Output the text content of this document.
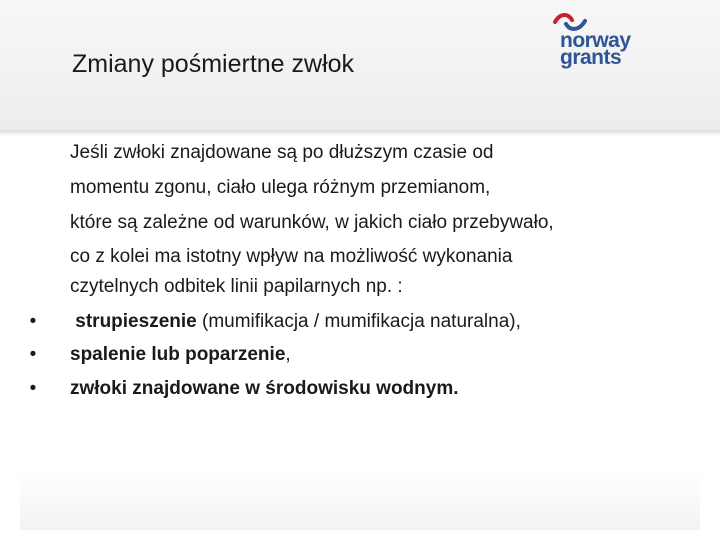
Zmiany pośmiertne zwłok
norway
grants
Jeśli zwłoki znajdowane są po dłuższym czasie od
momentu zgonu, ciało ulega różnym przemianom,
które są zależne od warunków, w jakich ciało przebywało,
co z kolei ma istotny wpływ na możliwość wykonania
czytelnych odbitek linii papilarnych np. :
• strupieszenie (mumifikacja / mumifikacja naturalna),
• spalenie lub poparzenie,
• zwłoki znajdowane w środowisku wodnym.
